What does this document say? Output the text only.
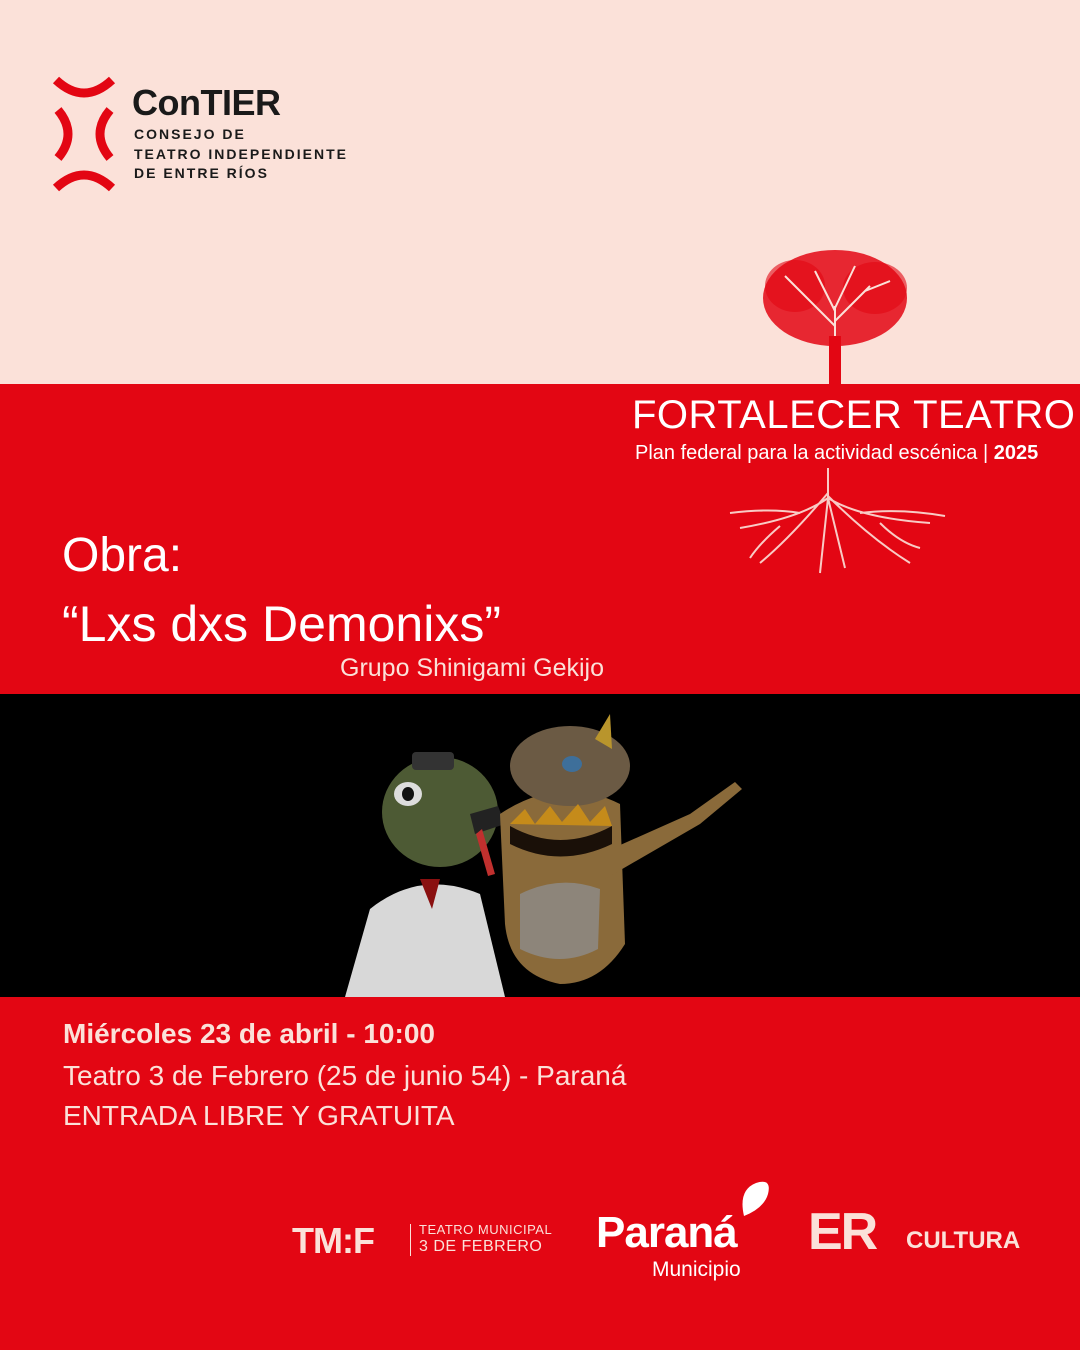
ConTIER
CONSEJO DE
TEATRO INDEPENDIENTE
DE ENTRE RÍOS
FORTALECER TEATRO
Plan federal para la actividad escénica | 2025
Obra:
“Lxs dxs Demonixs”
Grupo Shinigami Gekijo
Miércoles 23 de abril - 10:00
Teatro 3 de Febrero (25 de junio 54) - Paraná
ENTRADA LIBRE Y GRATUITA
TM:F	TEATRO MUNICIPAL
3 DE FEBRERO Paraná
Municipio
ER CULTURA
